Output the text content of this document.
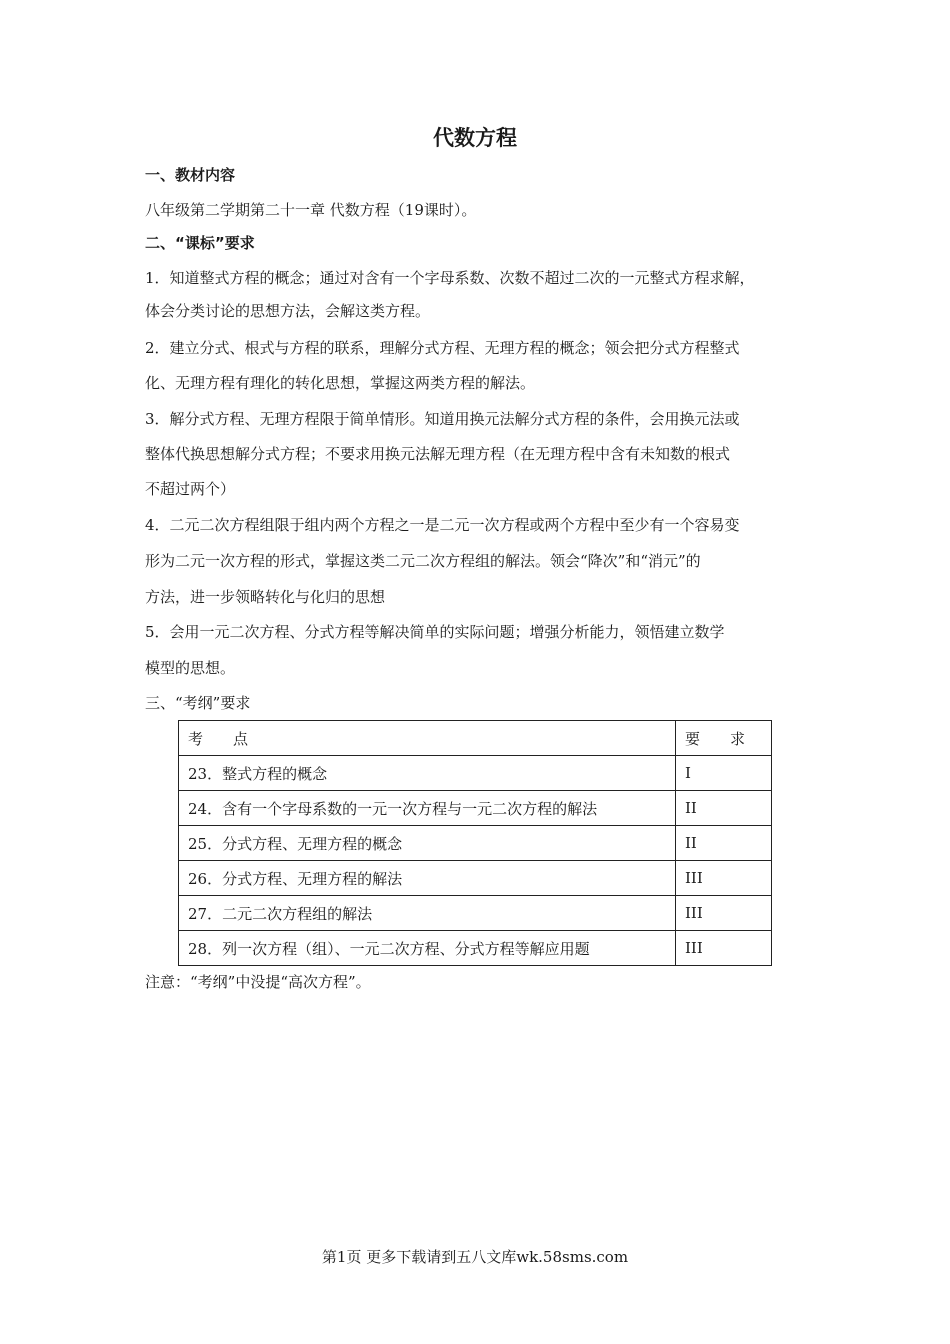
代数方程
一、教材内容
八年级第二学期第二十一章 代数方程（19课时）。
二、“课标”要求
1．知道整式方程的概念；通过对含有一个字母系数、次数不超过二次的一元整式方程求解，
体会分类讨论的思想方法，会解这类方程。
2．建立分式、根式与方程的联系，理解分式方程、无理方程的概念；领会把分式方程整式
化、无理方程有理化的转化思想，掌握这两类方程的解法。
3．解分式方程、无理方程限于简单情形。知道用换元法解分式方程的条件，会用换元法或
整体代换思想解分式方程；不要求用换元法解无理方程（在无理方程中含有未知数的根式
不超过两个）
4．二元二次方程组限于组内两个方程之一是二元一次方程或两个方程中至少有一个容易变
形为二元一次方程的形式，掌握这类二元二次方程组的解法。领会“降次”和“消元”的
方法，进一步领略转化与化归的思想
5．会用一元二次方程、分式方程等解决简单的实际问题；增强分析能力，领悟建立数学
模型的思想。
三、“考纲”要求
考　　点	要　　求
23．整式方程的概念	I
24．含有一个字母系数的一元一次方程与一元二次方程的解法	II
25．分式方程、无理方程的概念	II
26．分式方程、无理方程的解法	III
27．二元二次方程组的解法	III
28．列一次方程（组）、一元二次方程、分式方程等解应用题	III
注意：“考纲”中没提“高次方程”。
第1页 更多下载请到五八文库wk.58sms.com
